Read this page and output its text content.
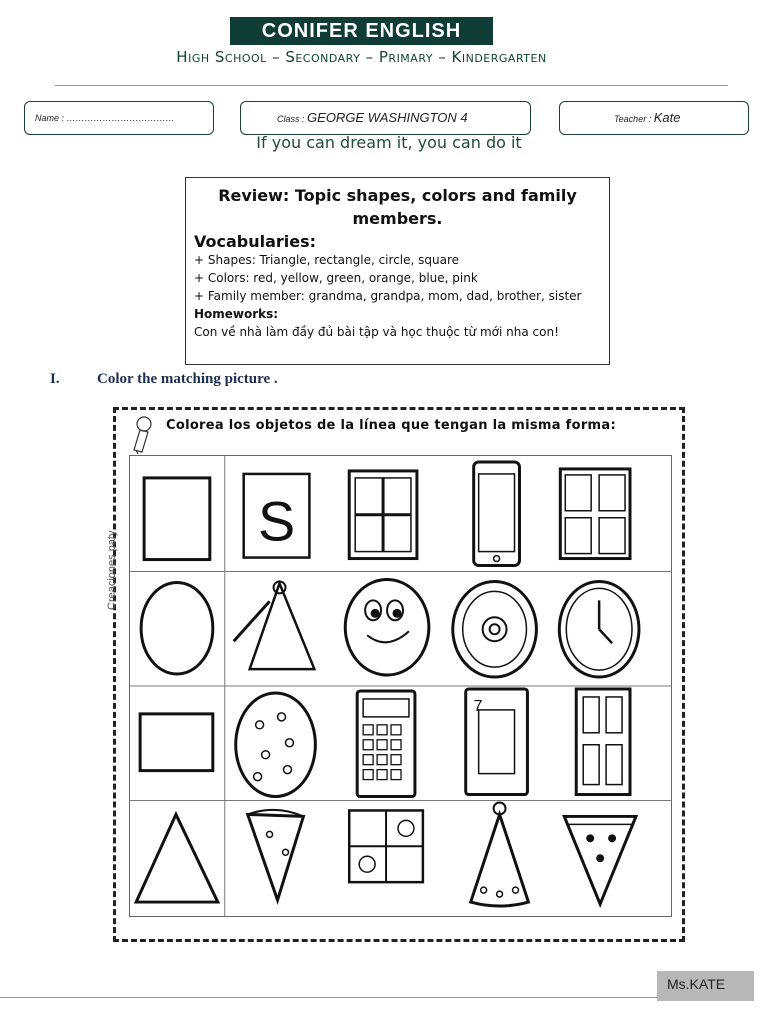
CONIFER ENGLISH
High School – Secondary – Primary – Kindergarten
Name : ………………………………	Class : GEORGE WASHINGTON 4	Teacher : Kate
If you can dream it, you can do it
Review: Topic shapes, colors and family members.
Vocabularies:
+ Shapes: Triangle, rectangle, circle, square
+ Colors: red, yellow, green, orange, blue, pink
+ Family member: grandma, grandpa, mom, dad, brother, sister
Homeworks:
Con về nhà làm đầy đủ bài tập và học thuộc từ mới nha con!
I. Color the matching picture .
Colorea los objetos de la línea que tengan la misma forma:
Creaciones paty
S
7
Ms.KATE
